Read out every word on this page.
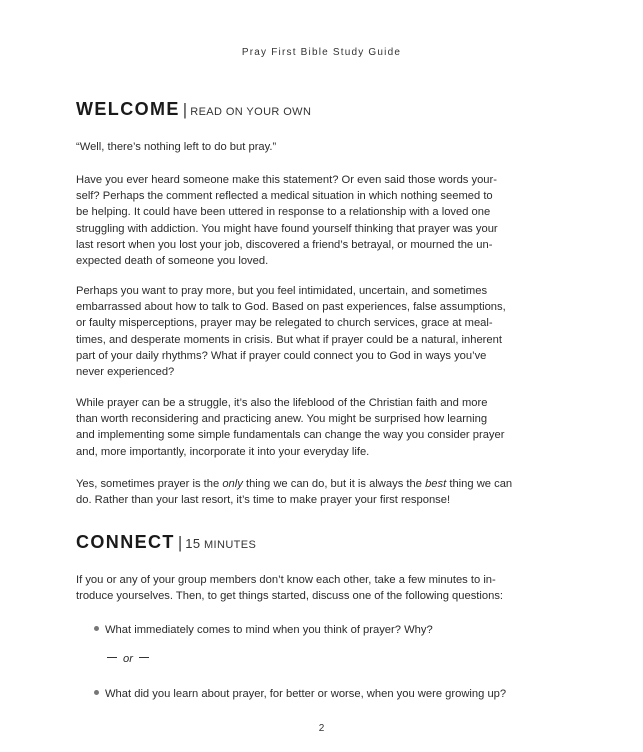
Pray First Bible Study Guide
WELCOME | READ ON YOUR OWN
“Well, there’s nothing left to do but pray.”
Have you ever heard someone make this statement? Or even said those words your-
self? Perhaps the comment reflected a medical situation in which nothing seemed to
be helping. It could have been uttered in response to a relationship with a loved one
struggling with addiction. You might have found yourself thinking that prayer was your
last resort when you lost your job, discovered a friend’s betrayal, or mourned the un-
expected death of someone you loved.
Perhaps you want to pray more, but you feel intimidated, uncertain, and sometimes
embarrassed about how to talk to God. Based on past experiences, false assumptions,
or faulty misperceptions, prayer may be relegated to church services, grace at meal-
times, and desperate moments in crisis. But what if prayer could be a natural, inherent
part of your daily rhythms? What if prayer could connect you to God in ways you’ve
never experienced?
While prayer can be a struggle, it’s also the lifeblood of the Christian faith and more
than worth reconsidering and practicing anew. You might be surprised how learning
and implementing some simple fundamentals can change the way you consider prayer
and, more importantly, incorporate it into your everyday life.
Yes, sometimes prayer is the only thing we can do, but it is always the best thing we can
do. Rather than your last resort, it’s time to make prayer your first response!
CONNECT | 15 MINUTES
If you or any of your group members don’t know each other, take a few minutes to in-
troduce yourselves. Then, to get things started, discuss one of the following questions:
What immediately comes to mind when you think of prayer? Why?
or
What did you learn about prayer, for better or worse, when you were growing up?
2
